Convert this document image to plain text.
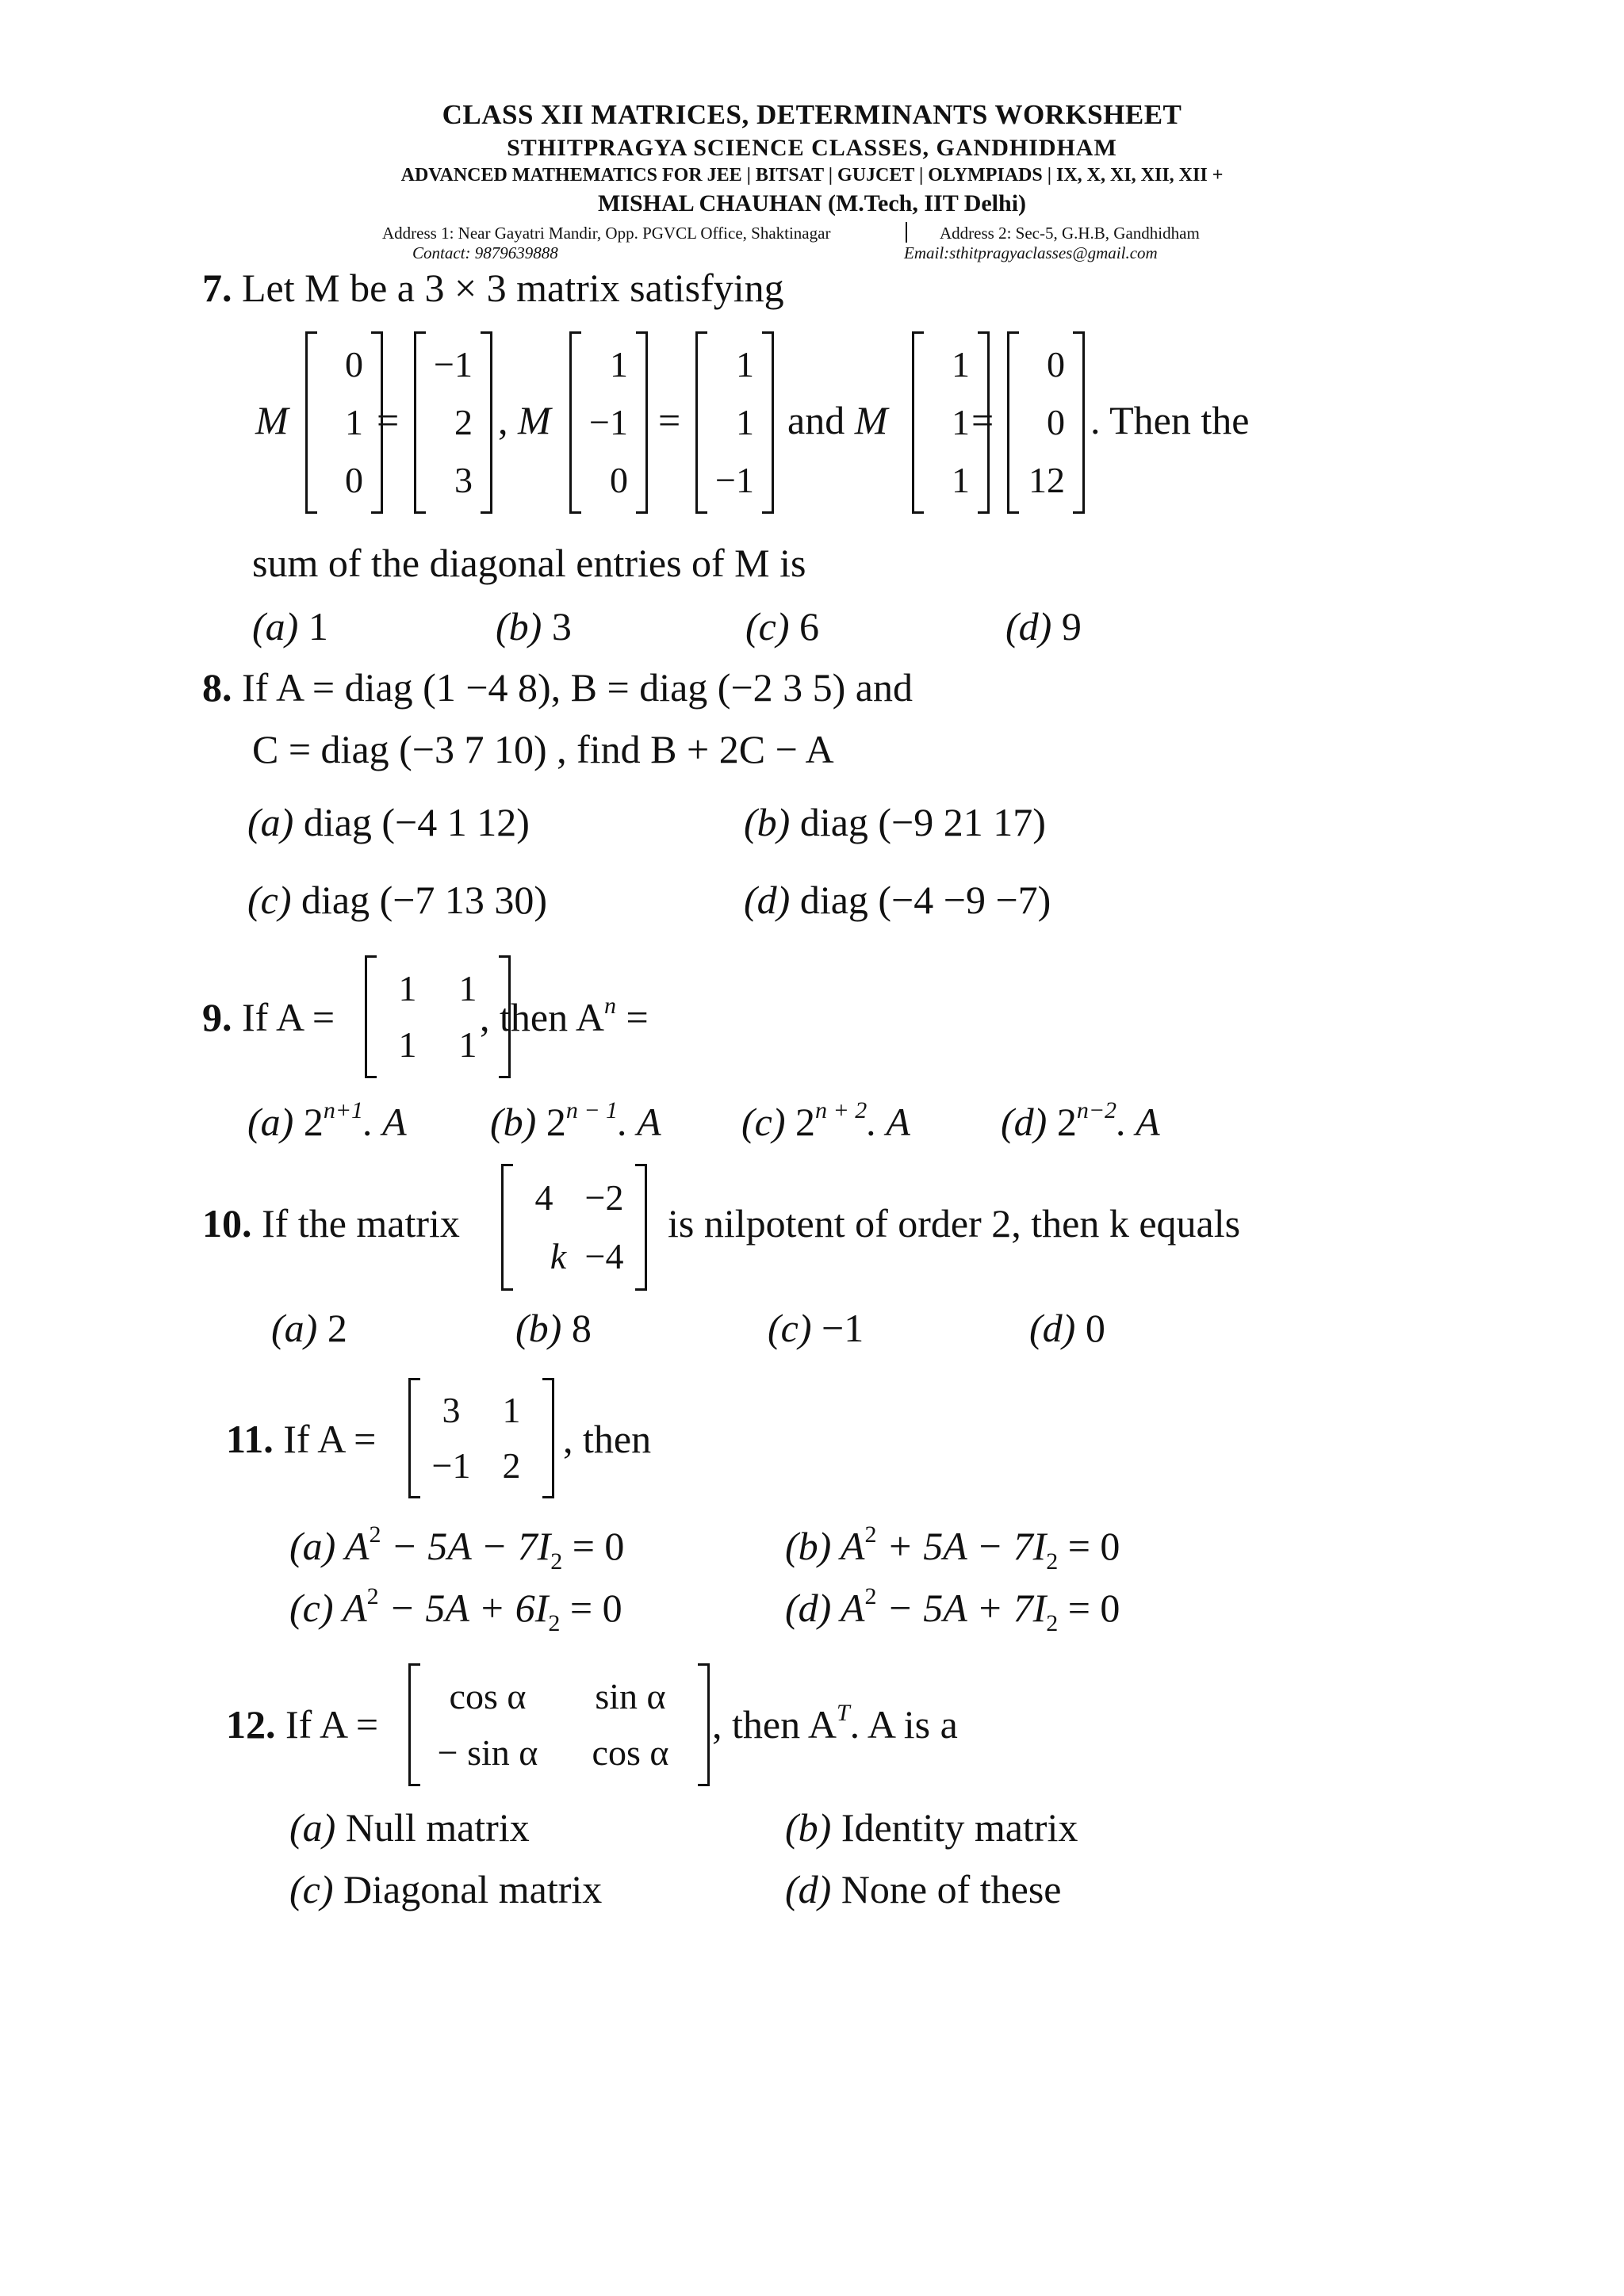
CLASS XII MATRICES, DETERMINANTS WORKSHEET
STHITPRAGYA SCIENCE CLASSES, GANDHIDHAM
ADVANCED MATHEMATICS FOR JEE | BITSAT | GUJCET | OLYMPIADS | IX, X, XI, XII, XII +
MISHAL CHAUHAN (M.Tech, IIT Delhi)
Address 1: Near Gayatri Mandir, Opp. PGVCL Office, Shaktinagar	Address 2: Sec-5, G.H.B, Gandhidham
Contact: 9879639888	Email:sthitpragyaclasses@gmail.com
7. Let M be a 3 × 3 matrix satisfying
M
0
1
0
=
−1
2
3
, M
1
−1
0
=
1
1
−1
and M
1
1
1
=
0
0
12
. Then the
sum of the diagonal entries of M is
(a) 1	(b) 3	(c) 6	(d) 9
8. If A = diag (1 −4 8), B = diag (−2 3 5) and
C = diag (−3 7 10) , find B + 2C − A
(a) diag (−4 1 12)	(b) diag (−9 21 17)
(c) diag (−7 13 30)	(d) diag (−4 −9 −7)
9. If A =
1	1
1	1
, then $A^n$ =
(a) $2^{n+1}$. A (b) $2^{n - 1}$. A (c) $2^{n + 2}$. A (d) $2^{n-2}$. A
10. If the matrix
4 −2
k −4
is nilpotent of order 2, then k equals
(a) 2	(b) 8	(c) −1	(d) 0
11. If A =
3	1
−1 2
, then
(a) $A^2 - 5A - 7I_2 = 0$	(b) $A^2 + 5A - 7I_2 = 0$
(c) $A^2 - 5A + 6I_2 = 0$	(d) $A^2 - 5A + 7I_2 = 0$
12. If A =
cos α	sin α
− sin α	cos α
, then $A^T$. A is a
(a) Null matrix	(b) Identity matrix
(c) Diagonal matrix	(d) None of these
